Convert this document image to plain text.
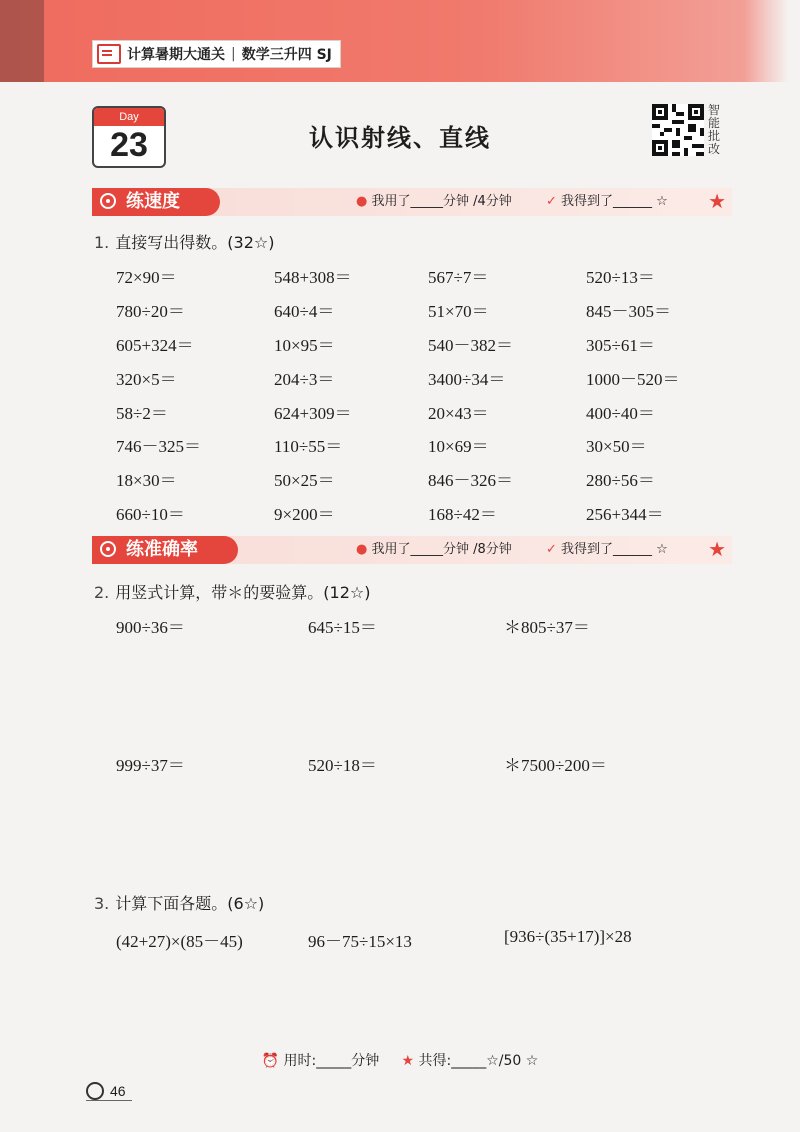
计算暑期大通关 | 数学三升四 SJ
Day
23	认识射线、直线
智能批改
练速度	● 我用了_____分钟 /4分钟	✓ 我得到了______ ☆ ★
1. 直接写出得数。(32☆)
72×90＝	548+308＝	567÷7＝	520÷13＝
780÷20＝	640÷4＝	51×70＝	845－305＝
605+324＝	10×95＝	540－382＝	305÷61＝
320×5＝	204÷3＝	3400÷34＝	1000－520＝
58÷2＝	624+309＝	20×43＝	400÷40＝
746－325＝	110÷55＝	10×69＝	30×50＝
18×30＝	50×25＝	846－326＝	280÷56＝
660÷10＝	9×200＝	168÷42＝	256+344＝
练准确率	● 我用了_____分钟 /8分钟	✓ 我得到了______ ☆ ★
2. 用竖式计算，带＊的要验算。(12☆)
900÷36＝	645÷15＝	＊805÷37＝
999÷37＝	520÷18＝	＊7500÷200＝
3. 计算下面各题。(6☆)
(42+27)×(85－45)	96－75÷15×13	[936÷(35+17)]×28
⏰ 用时:_____分钟 ★ 共得:_____☆/50 ☆
46
